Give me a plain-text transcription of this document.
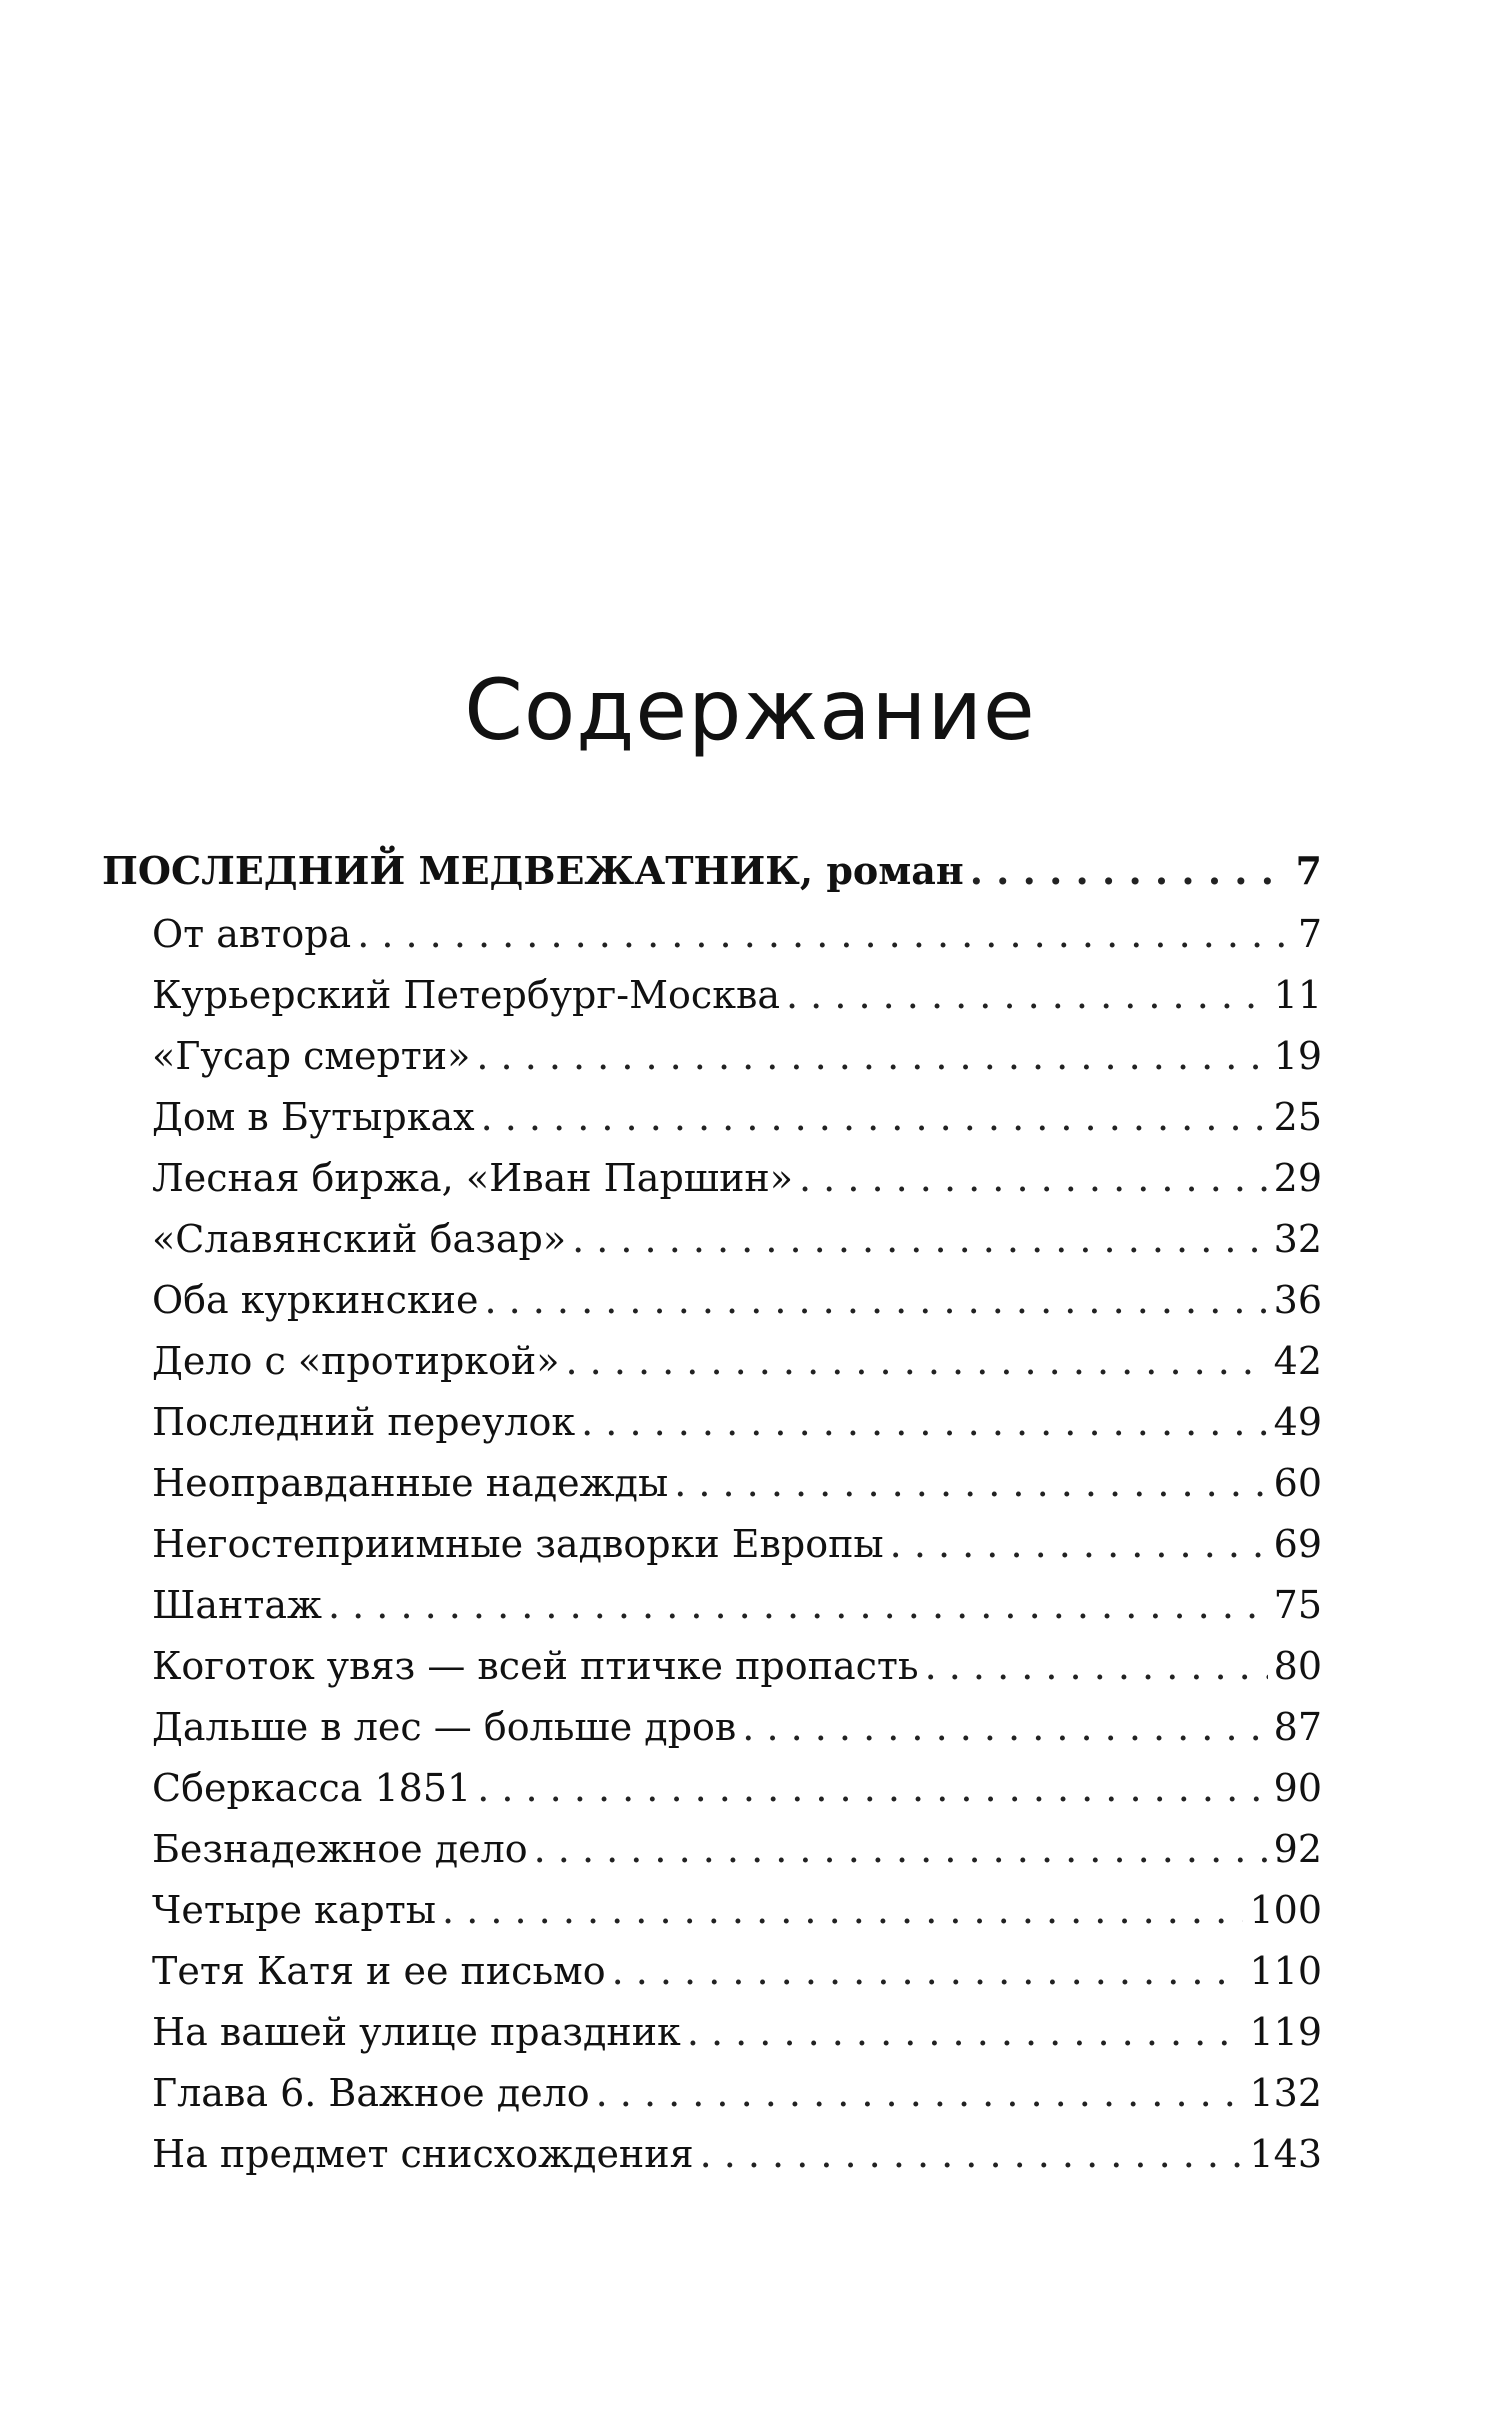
Содержание
ПОСЛЕДНИЙ МЕДВЕЖАТНИК, роман . . .	7
От автора . . .	7
Курьерский Петербург-Москва . . .	11
«Гусар смерти» . . .	19
Дом в Бутырках . . .	25
Лесная биржа, «Иван Паршин» . . .	29
«Славянский базар» . . .	32
Оба куркинские . . .	36
Дело с «протиркой» . . .	42
Последний переулок . . .	49
Неоправданные надежды . . .	60
Негостеприимные задворки Европы . . .	69
Шантаж . . .	75
Коготок увяз — всей птичке пропасть . . .	80
Дальше в лес — больше дров . . .	87
Сберкасса 1851 . . .	90
Безнадежное дело . . .	92
Четыре карты . . .	100
Тетя Катя и ее письмо . . .	110
На вашей улице праздник . . .	119
Глава 6. Важное дело . . .	132
На предмет снисхождения . . .	143
